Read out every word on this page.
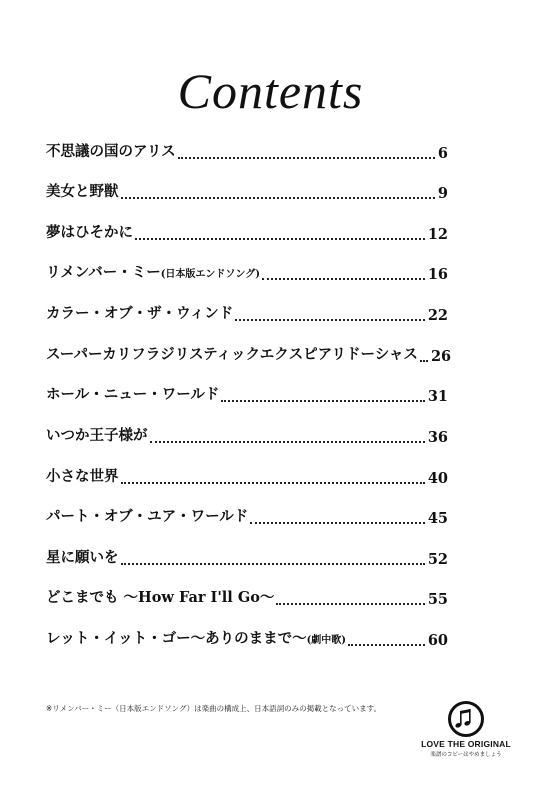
Contents
不思議の国のアリス	6
美女と野獣	9
夢はひそかに	12
リメンバー・ミー(日本版エンドソング)	16
カラー・オブ・ザ・ウィンド	22
スーパーカリフラジリスティックエクスピアリドーシャス 26
ホール・ニュー・ワールド	31
いつか王子様が	36
小さな世界	40
パート・オブ・ユア・ワールド	45
星に願いを	52
どこまでも 〜How Far I'll Go〜	55
レット・イット・ゴー〜ありのままで〜(劇中歌)	60
※リメンバー・ミー（日本版エンドソング）は楽曲の構成上、日本語詞のみの掲載となっています。
LOVE THE ORIGINAL
楽譜のコピーはやめましょう
